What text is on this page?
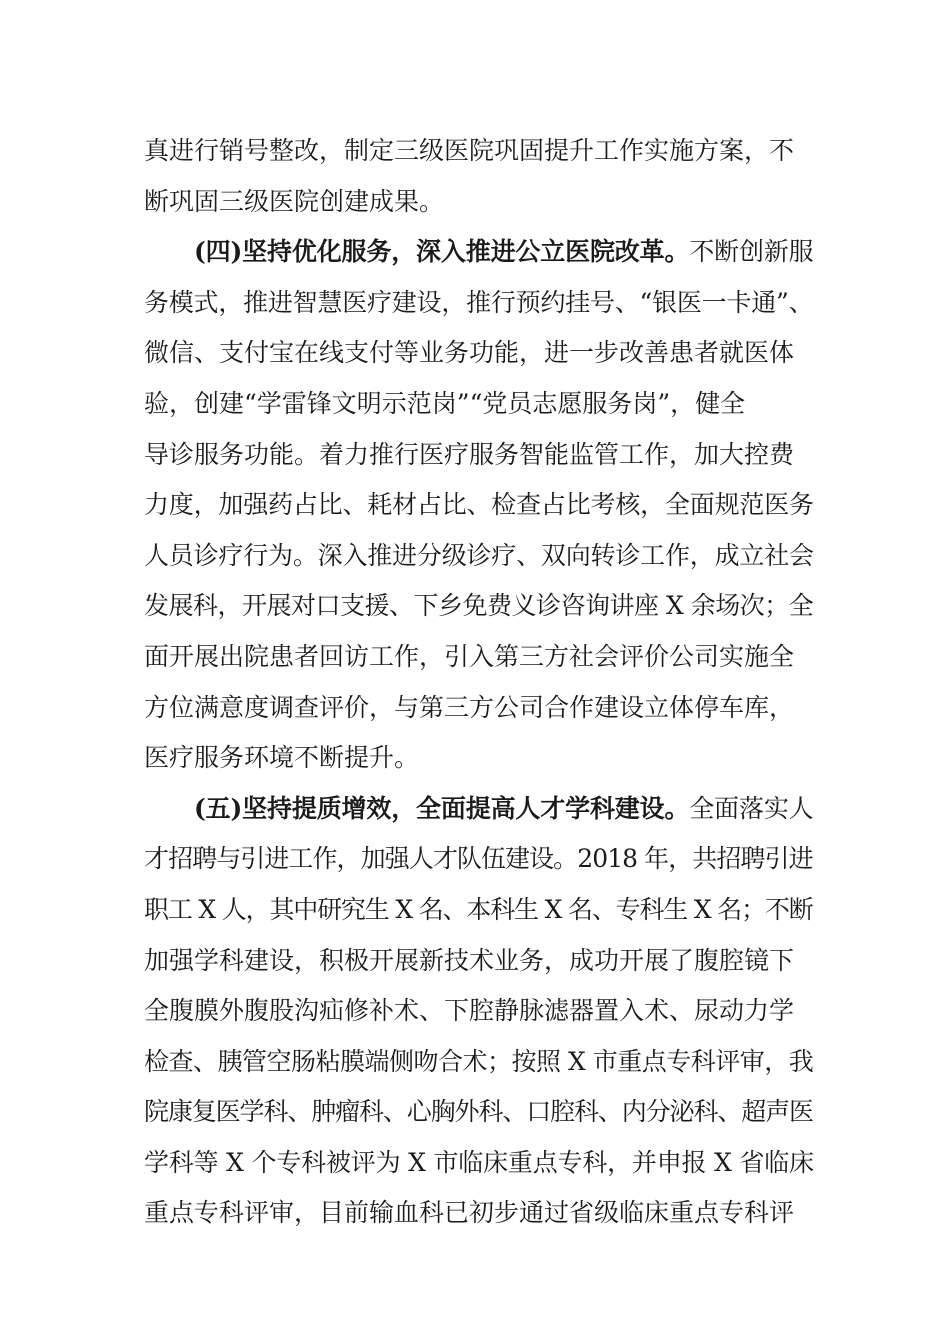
真进行销号整改，制定三级医院巩固提升工作实施方案，不
断巩固三级医院创建成果。
(四)坚持优化服务，深入推进公立医院改革。不断创新服
务模式，推进智慧医疗建设，推行预约挂号、“银医一卡通”、
微信、支付宝在线支付等业务功能，进一步改善患者就医体
验，创建“学雷锋文明示范岗”“党员志愿服务岗”，健全
导诊服务功能。着力推行医疗服务智能监管工作，加大控费
力度，加强药占比、耗材占比、检查占比考核，全面规范医务
人员诊疗行为。深入推进分级诊疗、双向转诊工作，成立社会
发展科，开展对口支援、下乡免费义诊咨询讲座 X 余场次；全
面开展出院患者回访工作，引入第三方社会评价公司实施全
方位满意度调查评价，与第三方公司合作建设立体停车库，
医疗服务环境不断提升。
(五)坚持提质增效，全面提高人才学科建设。全面落实人
才招聘与引进工作，加强人才队伍建设。2018 年，共招聘引进
职工 X 人，其中研究生 X 名、本科生 X 名、专科生 X 名；不断
加强学科建设，积极开展新技术业务，成功开展了腹腔镜下
全腹膜外腹股沟疝修补术、下腔静脉滤器置入术、尿动力学
检查、胰管空肠粘膜端侧吻合术；按照 X 市重点专科评审，我
院康复医学科、肿瘤科、心胸外科、口腔科、内分泌科、超声医
学科等 X 个专科被评为 X 市临床重点专科，并申报 X 省临床
重点专科评审，目前输血科已初步通过省级临床重点专科评
